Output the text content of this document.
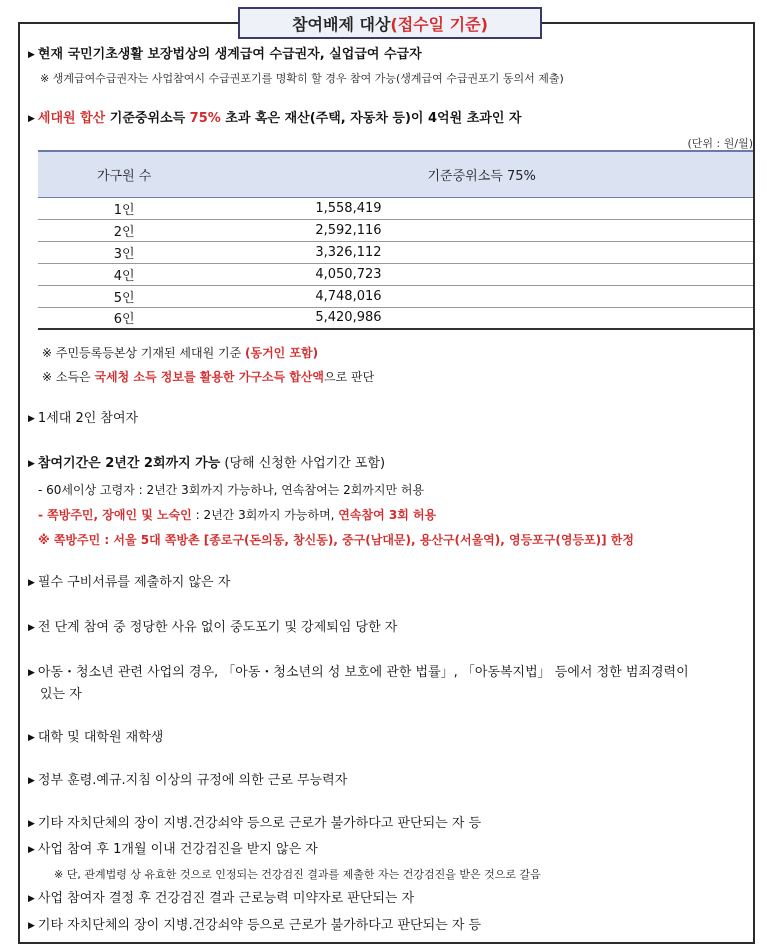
참여배제 대상 (접수일 기준)
▶ 현재 국민기초생활 보장법상의 생계급여 수급권자, 실업급여 수급자
※ 생계급여수급권자는 사업참여시 수급권포기를 명확히 할 경우 참여 가능(생계급여 수급권포기 동의서 제출)
▶ 세대원 합산 기준중위소득 75% 초과 혹은 재산(주택, 자동차 등)이 4억원 초과인 자
(단위 : 원/월)
가구원 수	기준중위소득 75%
1인	1,558,419
2인	2,592,116
3인	3,326,112
4인	4,050,723
5인	4,748,016
6인	5,420,986
※ 주민등록등본상 기재된 세대원 기준 (동거인 포함)
※ 소득은 국세청 소득 정보를 활용한 가구소득 합산액으로 판단
▶ 1세대 2인 참여자
▶ 참여기간은 2년간 2회까지 가능 (당해 신청한 사업기간 포함)
- 60세이상 고령자 : 2년간 3회까지 가능하나, 연속참여는 2회까지만 허용
- 쪽방주민, 장애인 및 노숙인 : 2년간 3회까지 가능하며, 연속참여 3회 허용
※ 쪽방주민 : 서울 5대 쪽방촌 [종로구(돈의동, 창신동), 중구(남대문), 용산구(서울역), 영등포구(영등포)] 한정
▶ 필수 구비서류를 제출하지 않은 자
▶ 전 단계 참여 중 정당한 사유 없이 중도포기 및 강제퇴임 당한 자
▶ 아동・청소년 관련 사업의 경우, 「아동・청소년의 성 보호에 관한 법률」, 「아동복지법」 등에서 정한 범죄경력이
있는 자
▶ 대학 및 대학원 재학생
▶ 정부 훈령.예규.지침 이상의 규정에 의한 근로 무능력자
▶ 기타 자치단체의 장이 지병.건강쇠약 등으로 근로가 불가하다고 판단되는 자 등
▶ 사업 참여 후 1개월 이내 건강검진을 받지 않은 자
※ 단, 관계법령 상 유효한 것으로 인정되는 건강검진 결과를 제출한 자는 건강검진을 받은 것으로 갈음
▶ 사업 참여자 결정 후 건강검진 결과 근로능력 미약자로 판단되는 자
▶ 기타 자치단체의 장이 지병.건강쇠약 등으로 근로가 불가하다고 판단되는 자 등
